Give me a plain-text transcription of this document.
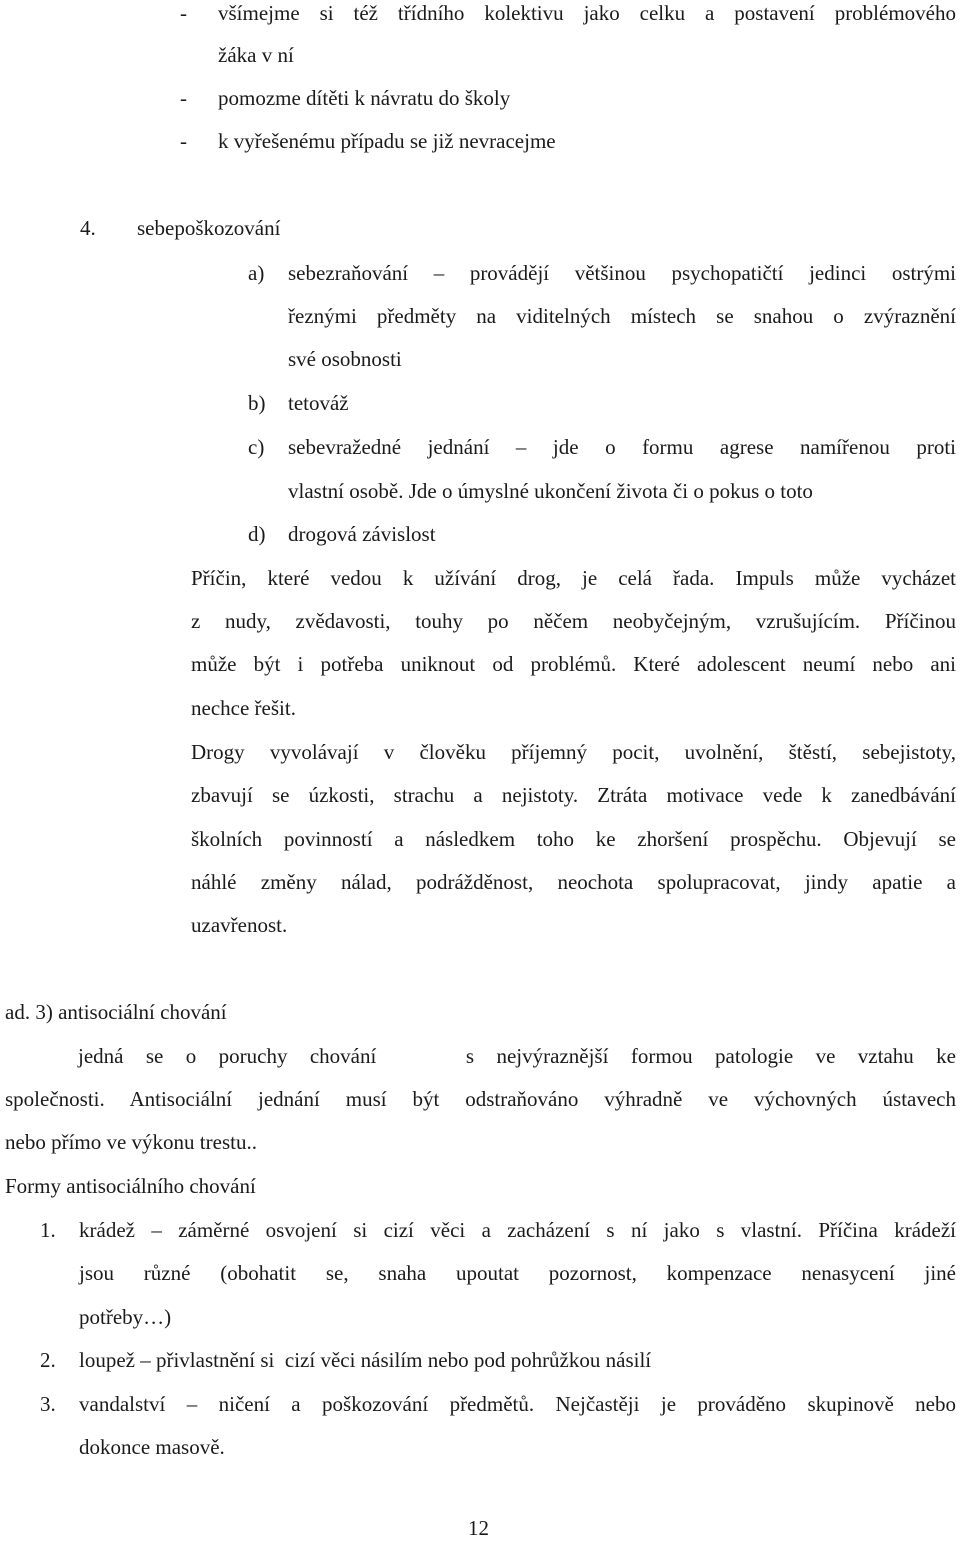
- všímejme si též třídního kolektivu jako celku a postavení problémového
žáka v ní
- pomozme dítěti k návratu do školy
- k vyřešenému případu se již nevracejme
4. sebepoškozování
a) sebezraňování – provádějí většinou psychopatičtí jedinci ostrými
řeznými předměty na viditelných místech se snahou o zvýraznění
své osobnosti
b) tetováž
c) sebevražedné jednání – jde o formu agrese namířenou proti
vlastní osobě. Jde o úmyslné ukončení života či o pokus o toto
d) drogová závislost
Příčin, které vedou k užívání drog, je celá řada. Impuls může vycházet
z nudy, zvědavosti, touhy po něčem neobyčejným, vzrušujícím. Příčinou
může být i potřeba uniknout od problémů. Které adolescent neumí nebo ani
nechce řešit.
Drogy vyvolávají v člověku příjemný pocit, uvolnění, štěstí, sebejistoty,
zbavují se úzkosti, strachu a nejistoty. Ztráta motivace vede k zanedbávání
školních povinností a následkem toho ke zhoršení prospěchu. Objevují se
náhlé změny nálad, podrážděnost, neochota spolupracovat, jindy apatie a
uzavřenost.
ad. 3) antisociální chování
jedná se o poruchy chování    s nejvýraznější formou patologie ve vztahu ke
společnosti. Antisociální jednání musí být odstraňováno výhradně ve výchovných ústavech
nebo přímo ve výkonu trestu..
Formy antisociálního chování
1. krádež – záměrné osvojení si cizí věci a zacházení s ní jako s vlastní. Příčina krádeží
jsou různé (obohatit se, snaha upoutat pozornost, kompenzace nenasycení jiné
potřeby…)
2. loupež – přivlastnění si  cizí věci násilím nebo pod pohrůžkou násilí
3. vandalství – ničení a poškozování předmětů. Nejčastěji je prováděno skupinově nebo
dokonce masově.
12
